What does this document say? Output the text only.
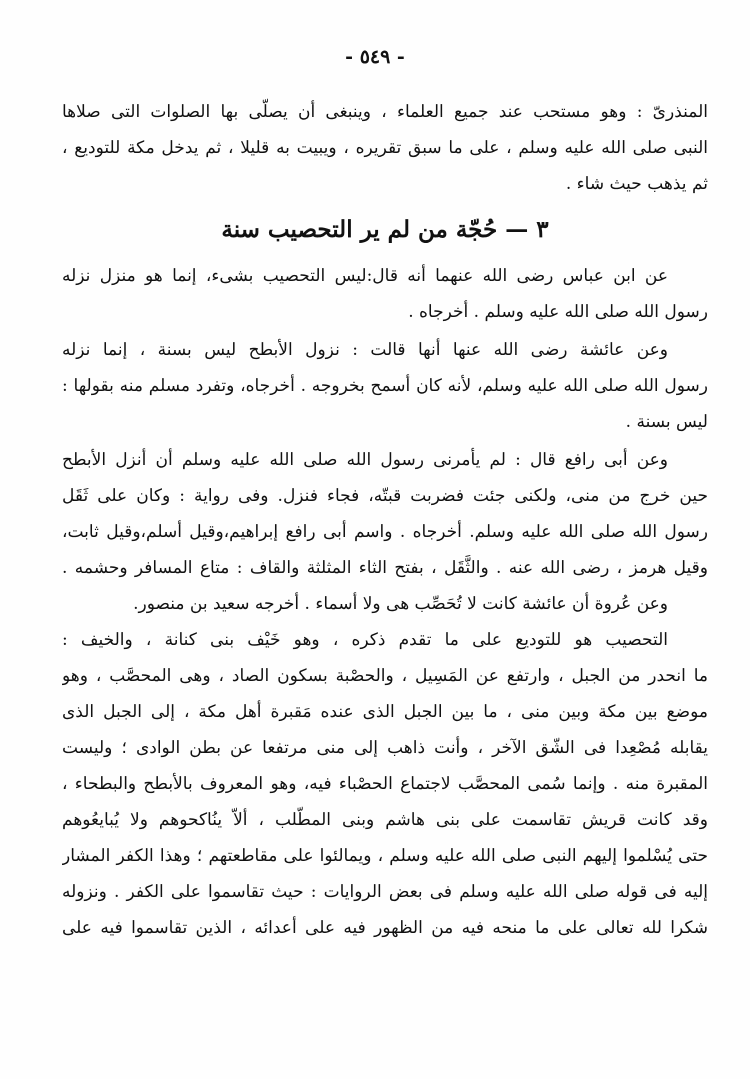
- ٥٤٩ -
المنذرىّ : وهو مستحب عند جميع العلماء ، وينبغى أن يصلّى بها الصلوات التى صلاها
النبى صلى الله عليه وسلم ، على ما سبق تقريره ، ويبيت به قليلا ، ثم يدخل مكة للتوديع ،
ثم يذهب حيث شاء .
٣ — حُجّة من لم ير التحصيب سنة
عن ابن عباس رضى الله عنهما أنه قال:ليس التحصيب بشىء، إنما هو منزل نزله
رسول الله صلى الله عليه وسلم . أخرجاه .
وعن عائشة رضى الله عنها أنها قالت : نزول الأبطح ليس بسنة ، إنما نزله
رسول الله صلى الله عليه وسلم، لأنه كان أسمح بخروجه . أخرجاه، وتفرد مسلم منه بقولها :
ليس بسنة .
وعن أبى رافع قال : لم يأمرنى رسول الله صلى الله عليه وسلم أن أنزل الأبطح
حين خرج من منى، ولكنى جئت فضربت قبتّه، فجاء فنزل. وفى رواية : وكان على ثَقَل
رسول الله صلى الله عليه وسلم. أخرجاه . واسم أبى رافع إبراهيم،وقيل أسلم،وقيل ثابت،
وقيل هرمز ، رضى الله عنه . والثَّقَل ، بفتح الثاء المثلثة والقاف : متاع المسافر وحشمه .
وعن عُروة أن عائشة كانت لا تُحَصِّب هى ولا أسماء . أخرجه سعيد بن منصور.
التحصيب هو للتوديع على ما تقدم ذكره ، وهو خَيْف بنى كنانة ، والخيف :
ما انحدر من الجبل ، وارتفع عن المَسِيل ، والحصْبة بسكون الصاد ، وهى المحصَّب ، وهو
موضع بين مكة وبين منى ، ما بين الجبل الذى عنده مَقبرة أهل مكة ، إلى الجبل الذى
يقابله مُصْعِدا فى الشّق الآخر ، وأنت ذاهب إلى منى مرتفعا عن بطن الوادى ؛ وليست
المقبرة منه . وإنما سُمى المحصَّب لاجتماع الحصْباء فيه، وهو المعروف بالأبطح والبطحاء ،
وقد كانت قريش تقاسمت على بنى هاشم وبنى المطّلب ، ألاّ ينُاكحوهم ولا يُبايعُوهم
حتى يُسْلموا إليهم النبى صلى الله عليه وسلم ، ويمالئوا على مقاطعتهم ؛ وهذا الكفر المشار
إليه فى قوله صلى الله عليه وسلم فى بعض الروايات : حيث تقاسموا على الكفر . ونزوله
شكرا لله تعالى على ما منحه فيه من الظهور فيه على أعدائه ، الذين تقاسموا فيه على
